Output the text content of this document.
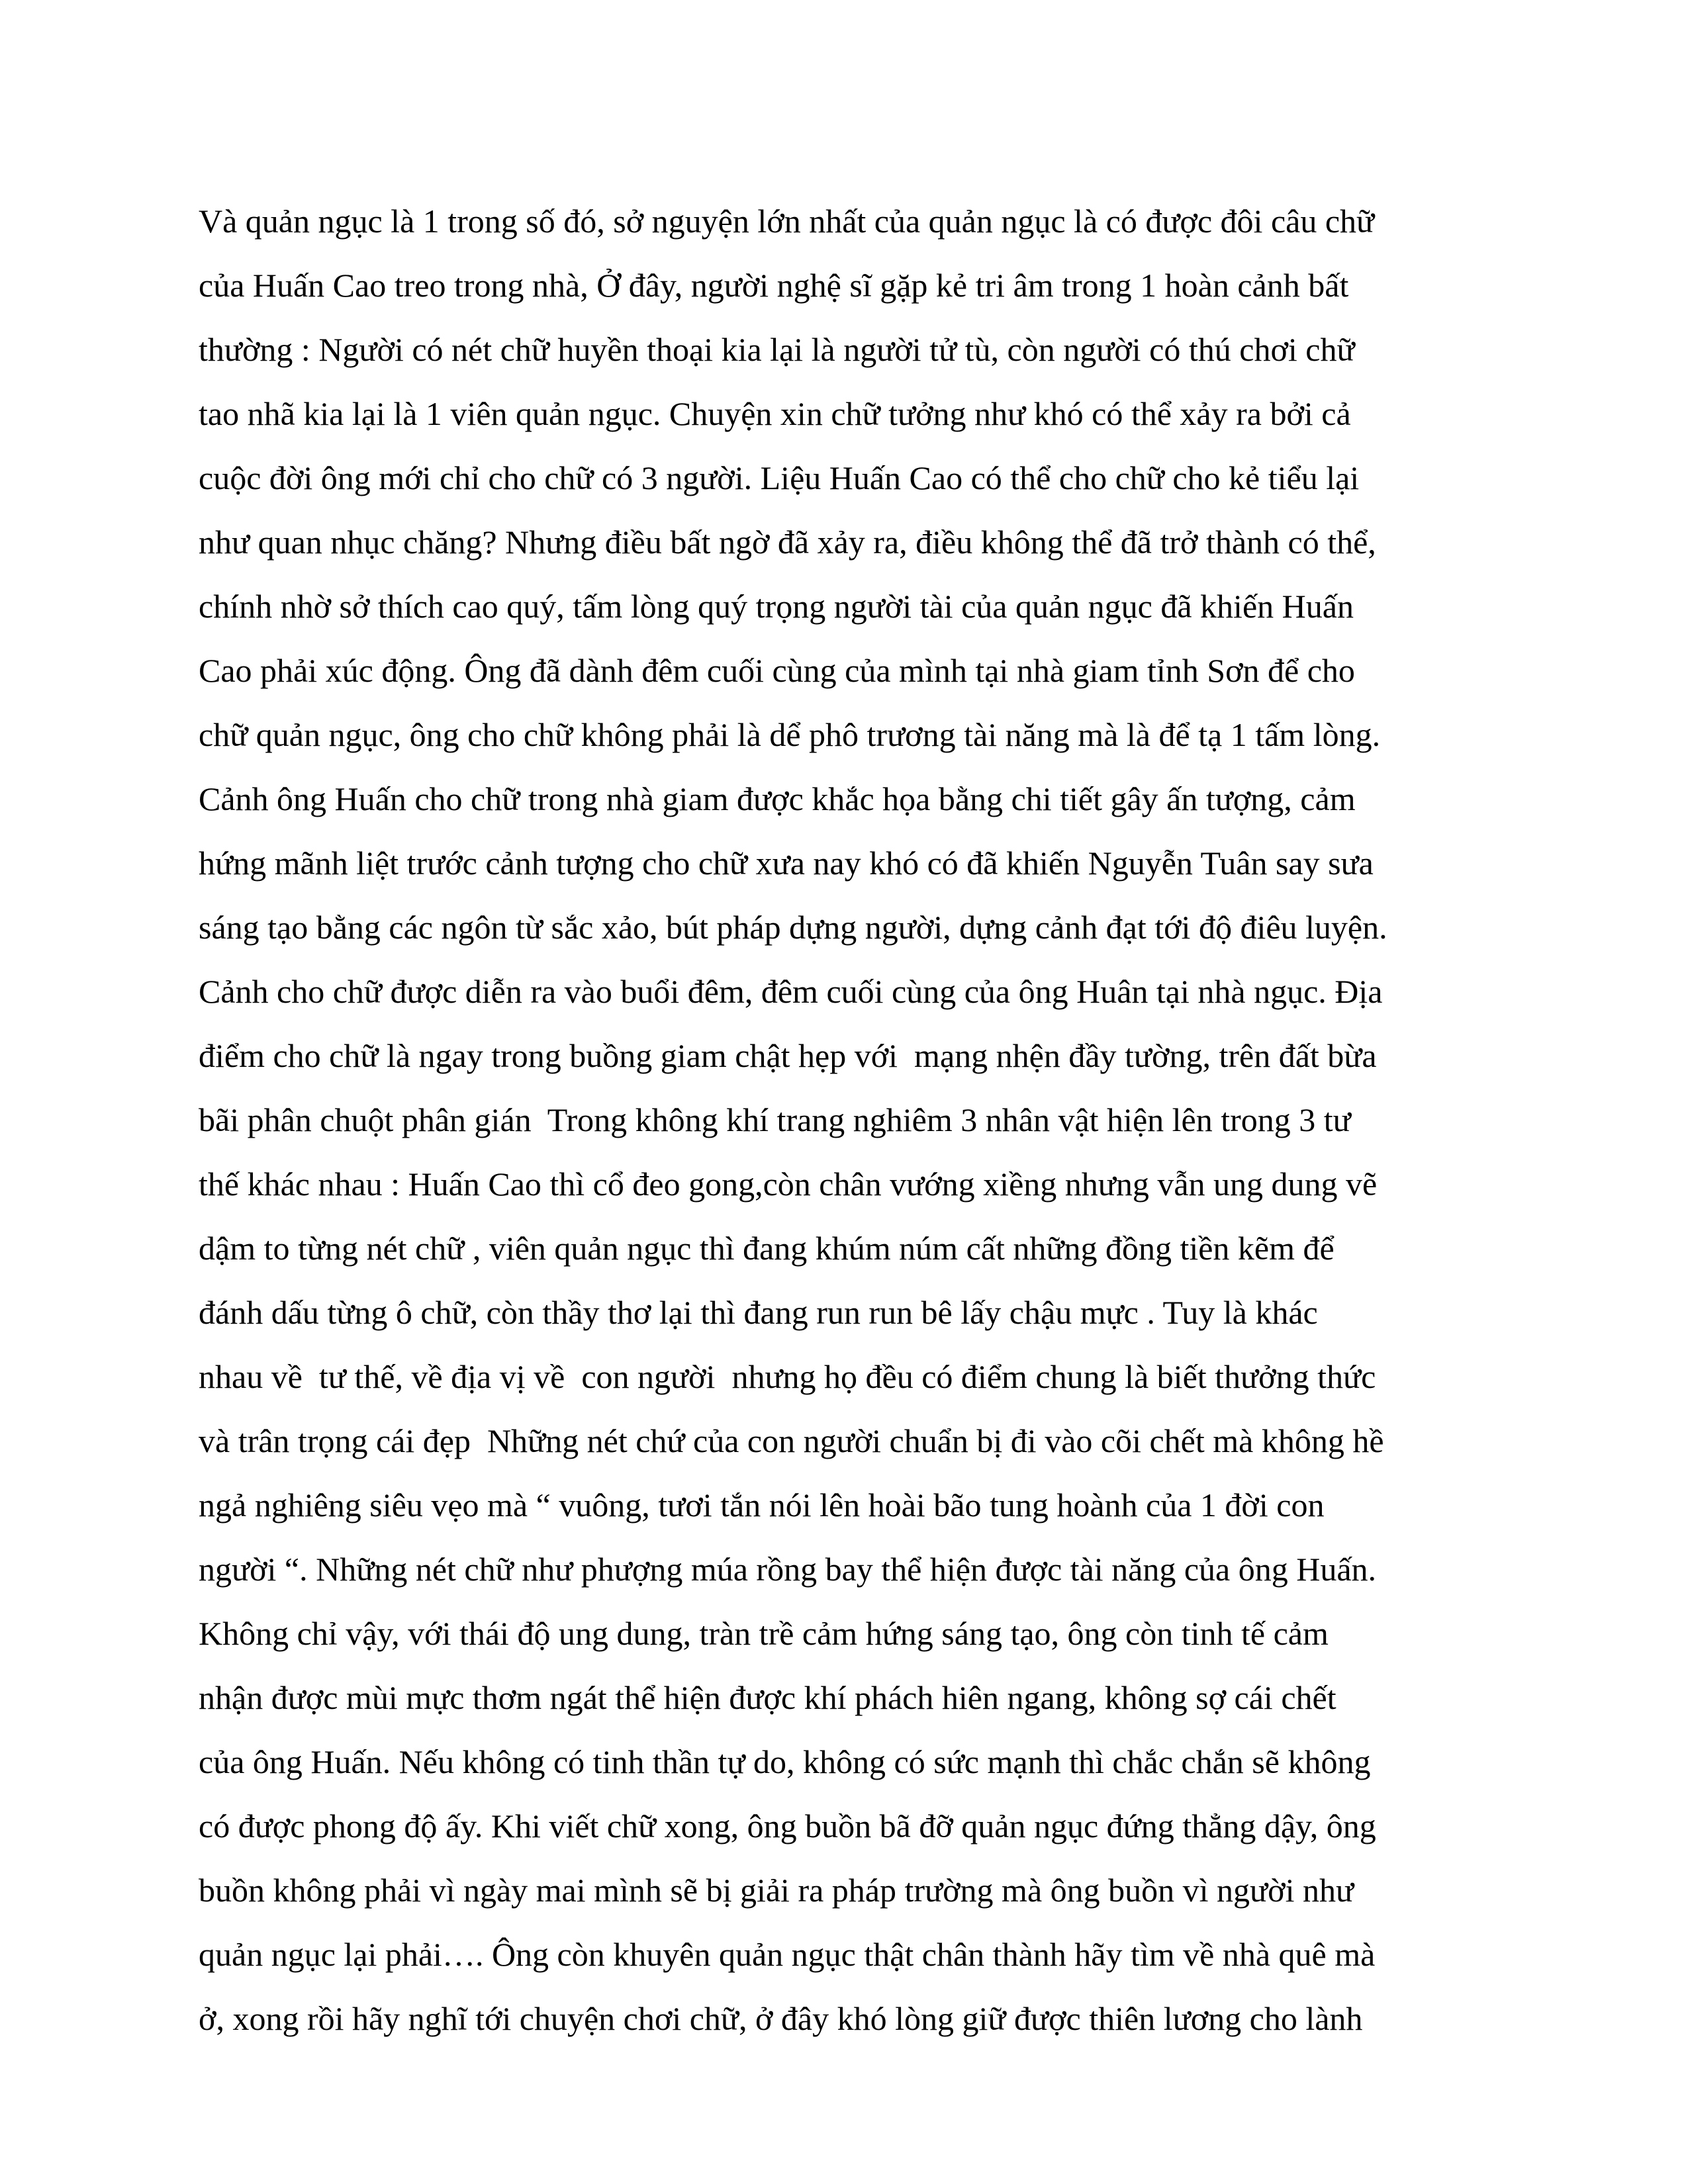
Và quản ngục là 1 trong số đó, sở nguyện lớn nhất của quản ngục là có được đôi câu chữ
của Huấn Cao treo trong nhà, Ở đây, người nghệ sĩ gặp kẻ tri âm trong 1 hoàn cảnh bất
thường : Người có nét chữ huyền thoại kia lại là người tử tù, còn người có thú chơi chữ
tao nhã kia lại là 1 viên quản ngục. Chuyện xin chữ tưởng như khó có thể xảy ra bởi cả
cuộc đời ông mới chỉ cho chữ có 3 người. Liệu Huấn Cao có thể cho chữ cho kẻ tiểu lại
như quan nhục chăng? Nhưng điều bất ngờ đã xảy ra, điều không thể đã trở thành có thể,
chính nhờ sở thích cao quý, tấm lòng quý trọng người tài của quản ngục đã khiến Huấn
Cao phải xúc động. Ông đã dành đêm cuối cùng của mình tại nhà giam tỉnh Sơn để cho
chữ quản ngục, ông cho chữ không phải là dể phô trương tài năng mà là để tạ 1 tấm lòng.
Cảnh ông Huấn cho chữ trong nhà giam được khắc họa bằng chi tiết gây ấn tượng, cảm
hứng mãnh liệt trước cảnh tượng cho chữ xưa nay khó có đã khiến Nguyễn Tuân say sưa
sáng tạo bằng các ngôn từ sắc xảo, bút pháp dựng người, dựng cảnh đạt tới độ điêu luyện.
Cảnh cho chữ được diễn ra vào buổi đêm, đêm cuối cùng của ông Huân tại nhà ngục. Địa
điểm cho chữ là ngay trong buồng giam chật hẹp với  mạng nhện đầy tường, trên đất bừa
bãi phân chuột phân gián  Trong không khí trang nghiêm 3 nhân vật hiện lên trong 3 tư
thế khác nhau : Huấn Cao thì cổ đeo gong,còn chân vướng xiềng nhưng vẫn ung dung vẽ
dậm to từng nét chữ , viên quản ngục thì đang khúm núm cất những đồng tiền kẽm để
đánh dấu từng ô chữ, còn thầy thơ lại thì đang run run bê lấy chậu mực . Tuy là khác
nhau về  tư thế, về địa vị về  con người  nhưng họ đều có điểm chung là biết thưởng thức
và trân trọng cái đẹp  Những nét chứ của con người chuẩn bị đi vào cõi chết mà không hề
ngả nghiêng siêu vẹo mà “ vuông, tươi tắn nói lên hoài bão tung hoành của 1 đời con
người “. Những nét chữ như phượng múa rồng bay thể hiện được tài năng của ông Huấn.
Không chỉ vậy, với thái độ ung dung, tràn trề cảm hứng sáng tạo, ông còn tinh tế cảm
nhận được mùi mực thơm ngát thể hiện được khí phách hiên ngang, không sợ cái chết
của ông Huấn. Nếu không có tinh thần tự do, không có sức mạnh thì chắc chắn sẽ không
có được phong độ ấy. Khi viết chữ xong, ông buồn bã đỡ quản ngục đứng thẳng dậy, ông
buồn không phải vì ngày mai mình sẽ bị giải ra pháp trường mà ông buồn vì người như
quản ngục lại phải…. Ông còn khuyên quản ngục thật chân thành hãy tìm về nhà quê mà
ở, xong rồi hãy nghĩ tới chuyện chơi chữ, ở đây khó lòng giữ được thiên lương cho lành
